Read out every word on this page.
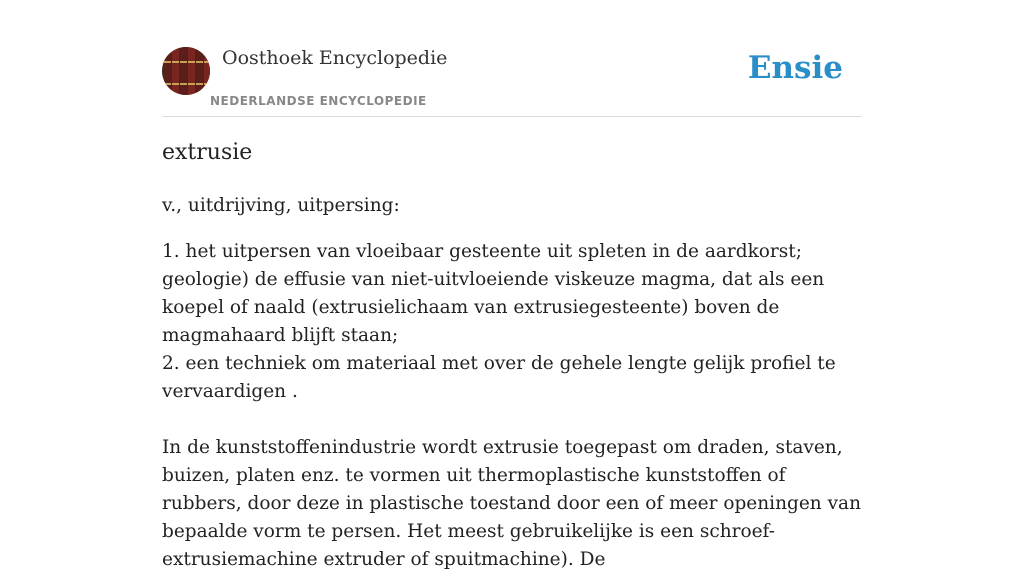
Oosthoek Encyclopedie
NEDERLANDSE ENCYCLOPEDIE
Ensie
extrusie

v., uitdrijving, uitpersing:

1. het uitpersen van vloeibaar gesteente uit spleten in de aardkorst; geologie) de effusie van niet-uitvloeiende viskeuze magma, dat als een koepel of naald (extrusielichaam van extrusiegesteente) boven de magmahaard blijft staan;
2. een techniek om materiaal met over de gehele lengte gelijk profiel te vervaardigen .
In de kunststoffenindustrie wordt extrusie toegepast om draden, staven, buizen, platen enz. te vormen uit thermoplastische kunststoffen of rubbers, door deze in plastische toestand door een of meer openingen van bepaalde vorm te persen. Het meest gebruikelijke is een schroef-extrusiemachine extruder of spuitmachine). De
